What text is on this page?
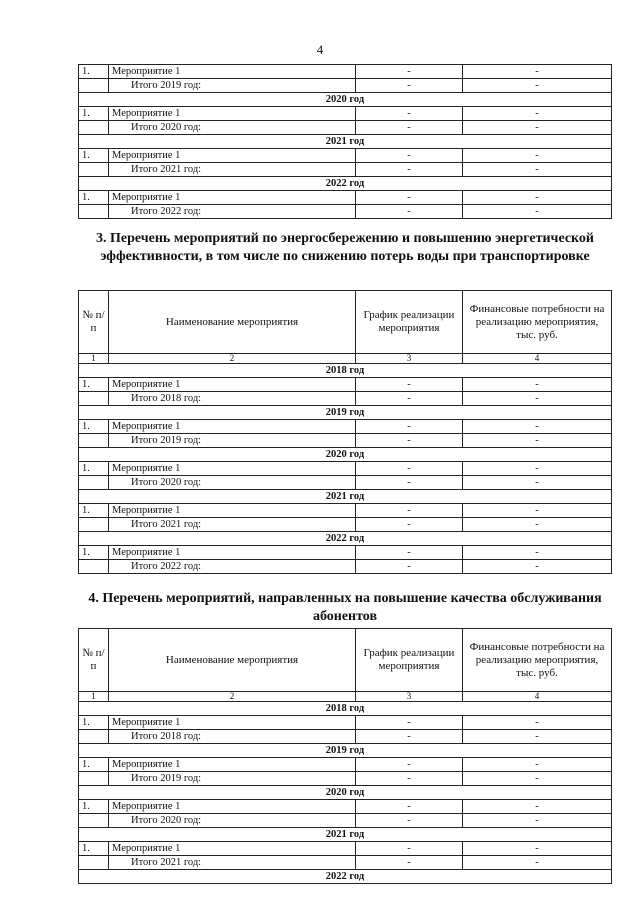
4
1.	Мероприятие 1	-	-
	Итого 2019 год:	-	-
2020 год			
1.	Мероприятие 1	-	-
	Итого 2020 год:	-	-
2021 год			
1.	Мероприятие 1	-	-
	Итого 2021 год:	-	-
2022 год			
1.	Мероприятие 1	-	-
	Итого 2022 год:	-	-
3. Перечень мероприятий по энергосбережению и повышению энергетической эффективности, в том числе по снижению потерь воды при транспортировке
№ п/п	Наименование мероприятия	График реализации мероприятия	Финансовые потребности на реализацию мероприятия, тыс. руб.
1	2	3	4
2018 год			
1.	Мероприятие 1	-	-
	Итого 2018 год:	-	-
2019 год			
1.	Мероприятие 1	-	-
	Итого 2019 год:	-	-
2020 год			
1.	Мероприятие 1	-	-
	Итого 2020 год:	-	-
2021 год			
1.	Мероприятие 1	-	-
	Итого 2021 год:	-	-
2022 год			
1.	Мероприятие 1	-	-
	Итого 2022 год:	-	-
4. Перечень мероприятий, направленных на повышение качества обслуживания абонентов
№ п/п	Наименование мероприятия	График реализации мероприятия	Финансовые потребности на реализацию мероприятия, тыс. руб.
1	2	3	4
2018 год			
1.	Мероприятие 1	-	-
	Итого 2018 год:	-	-
2019 год			
1.	Мероприятие 1	-	-
	Итого 2019 год:	-	-
2020 год			
1.	Мероприятие 1	-	-
	Итого 2020 год:	-	-
2021 год			
1.	Мероприятие 1	-	-
	Итого 2021 год:	-	-
2022 год			
